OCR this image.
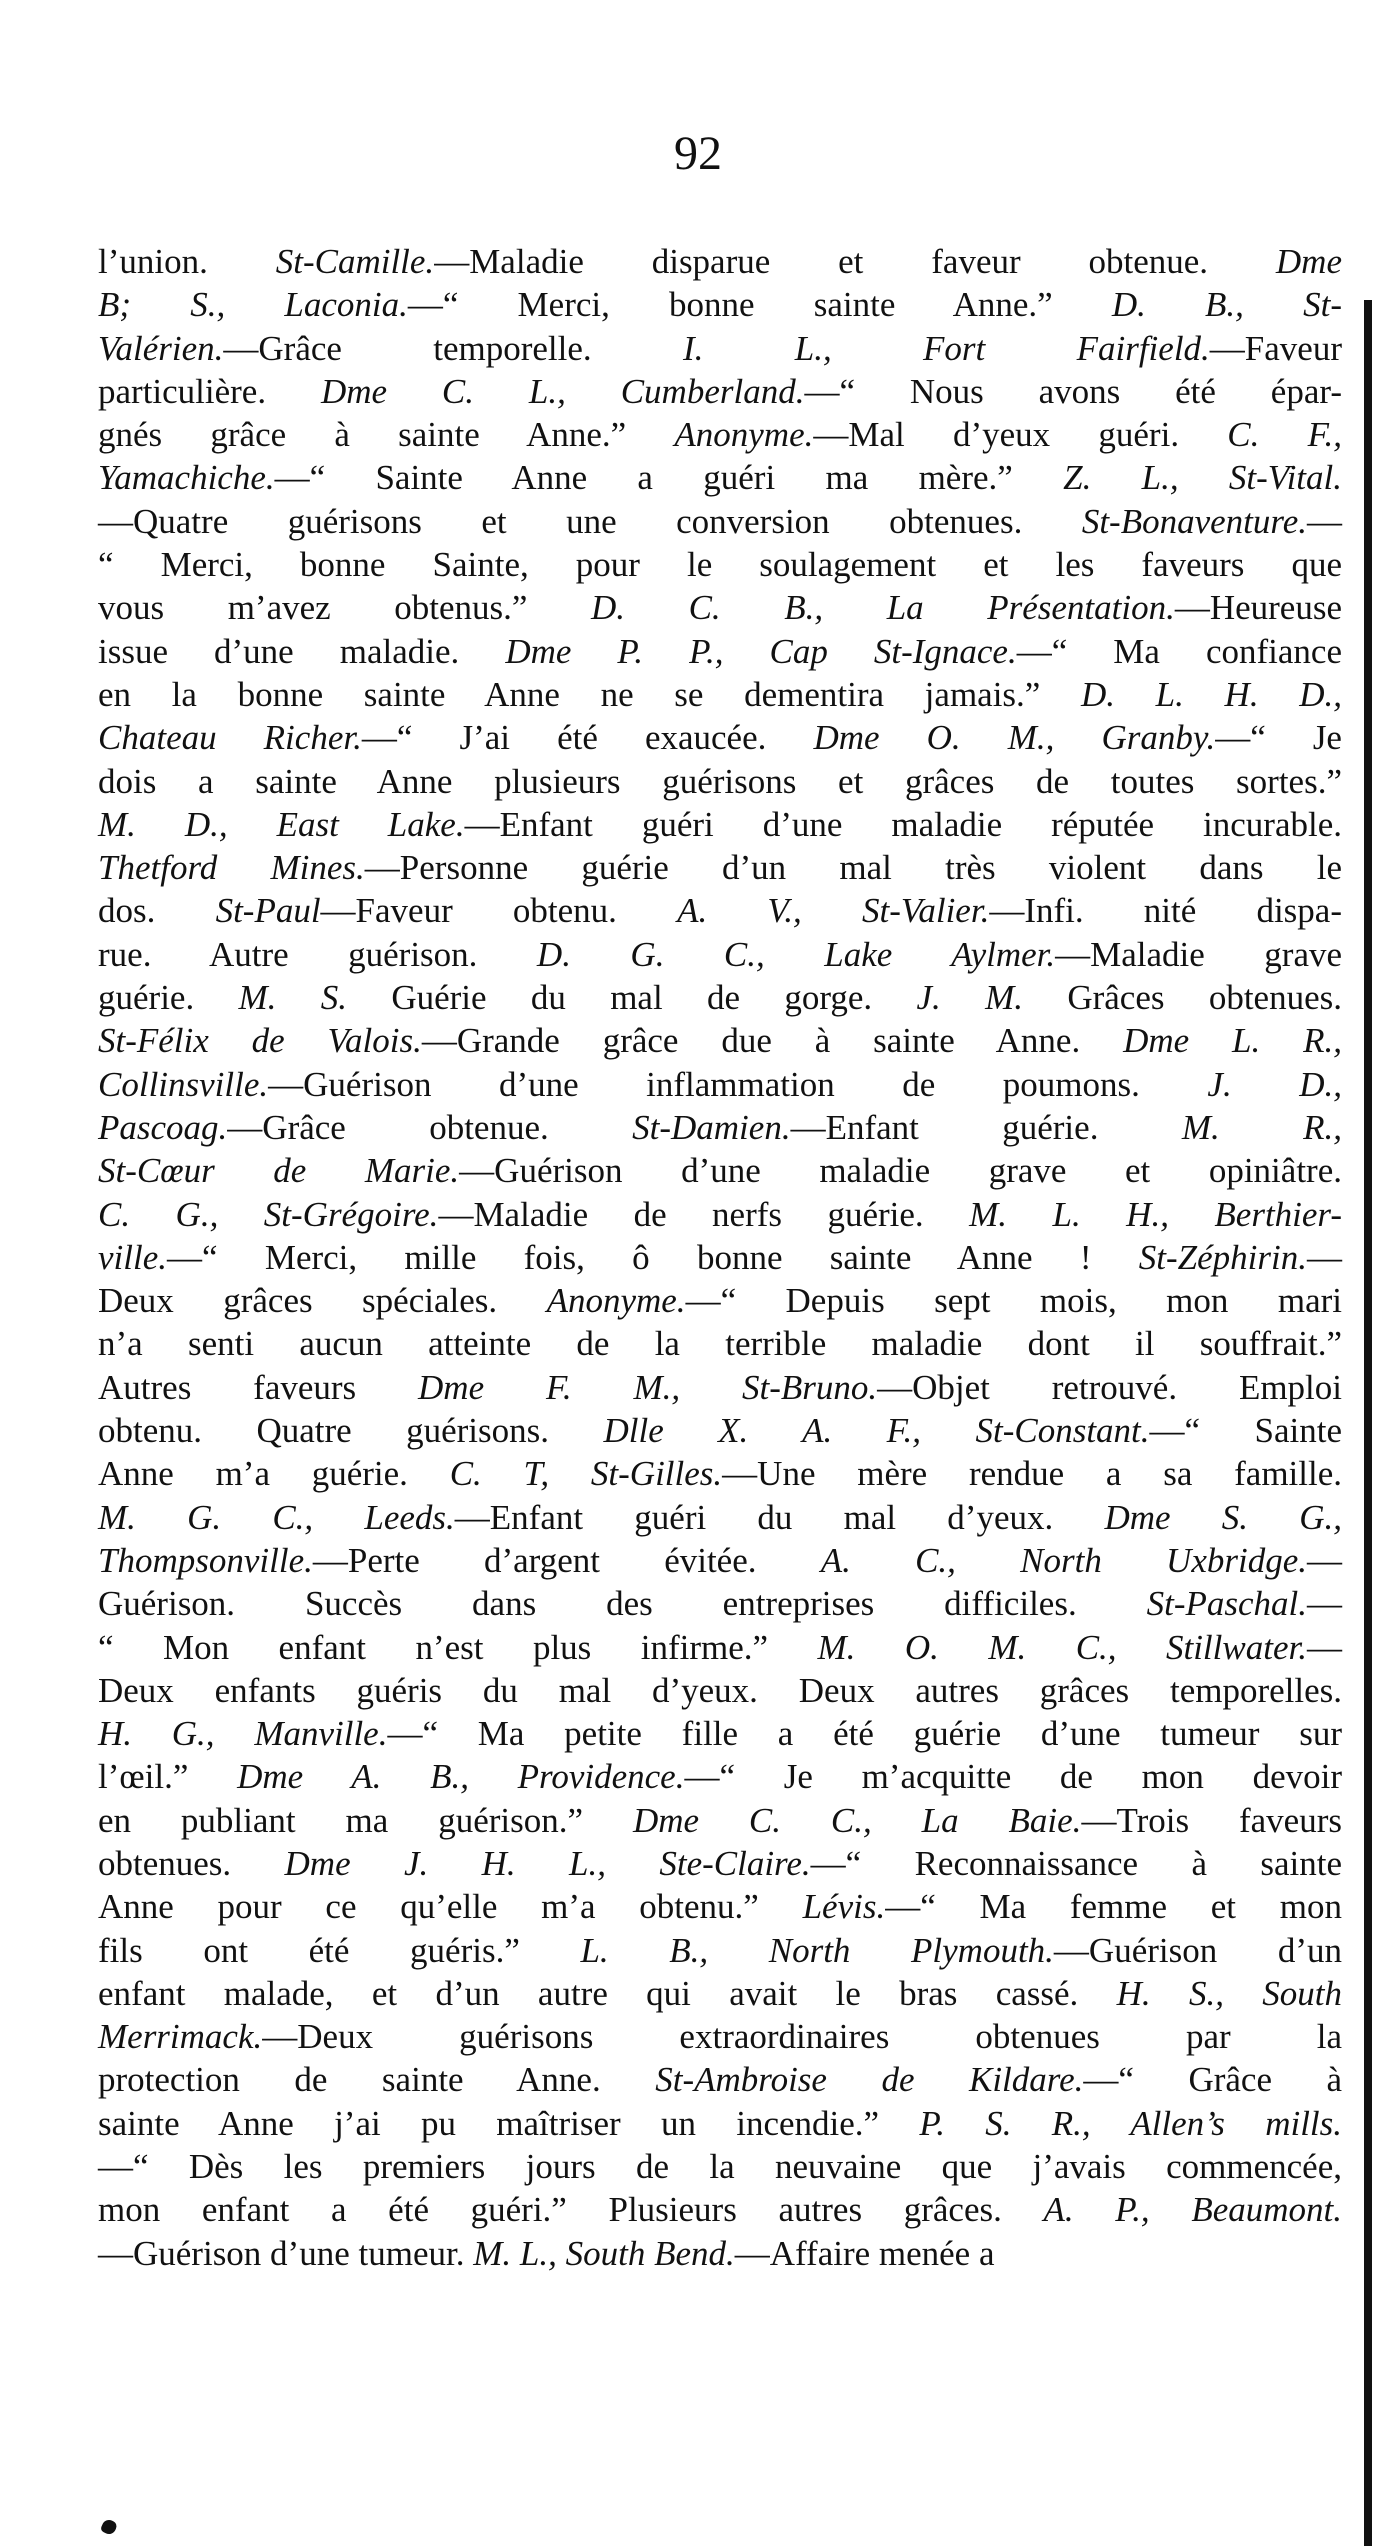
92
l’union. St-Camille.—Maladie disparue et faveur obtenue. Dme
B; S., Laconia.—“ Merci, bonne sainte Anne.” D. B., St-
Valérien.—Grâce temporelle. I. L., Fort Fairfield.—Faveur
particulière. Dme C. L., Cumberland.—“ Nous avons été épar-
gnés grâce à sainte Anne.” Anonyme.—Mal d’yeux guéri. C. F.,
Yamachiche.—“ Sainte Anne a guéri ma mère.” Z. L., St-Vital.
—Quatre guérisons et une conversion obtenues. St-Bonaventure.—
“ Merci, bonne Sainte, pour le soulagement et les faveurs que
vous m’avez obtenus.” D. C. B., La Présentation.—Heureuse
issue d’une maladie. Dme P. P., Cap St-Ignace.—“ Ma confiance
en la bonne sainte Anne ne se dementira jamais.” D. L. H. D.,
Chateau Richer.—“ J’ai été exaucée. Dme O. M., Granby.—“ Je
dois a sainte Anne plusieurs guérisons et grâces de toutes sortes.”
M. D., East Lake.—Enfant guéri d’une maladie réputée incurable.
Thetford Mines.—Personne guérie d’un mal très violent dans le
dos. St-Paul—Faveur obtenu. A. V., St-Valier.—Infi. nité dispa-
rue. Autre guérison. D. G. C., Lake Aylmer.—Maladie grave
guérie. M. S. Guérie du mal de gorge. J. M. Grâces obtenues.
St-Félix de Valois.—Grande grâce due à sainte Anne. Dme L. R.,
Collinsville.—Guérison d’une inflammation de poumons. J. D.,
Pascoag.—Grâce obtenue. St-Damien.—Enfant guérie. M. R.,
St-Cœur de Marie.—Guérison d’une maladie grave et opiniâtre.
C. G., St-Grégoire.—Maladie de nerfs guérie. M. L. H., Berthier-
ville.—“ Merci, mille fois, ô bonne sainte Anne ! St-Zéphirin.—
Deux grâces spéciales. Anonyme.—“ Depuis sept mois, mon mari
n’a senti aucun atteinte de la terrible maladie dont il souffrait.”
Autres faveurs Dme F. M., St-Bruno.—Objet retrouvé. Emploi
obtenu. Quatre guérisons. Dlle X. A. F., St-Constant.—“ Sainte
Anne m’a guérie. C. T, St-Gilles.—Une mère rendue a sa famille.
M. G. C., Leeds.—Enfant guéri du mal d’yeux. Dme S. G.,
Thompsonville.—Perte d’argent évitée. A. C., North Uxbridge.—
Guérison. Succès dans des entreprises difficiles. St-Paschal.—
“ Mon enfant n’est plus infirme.” M. O. M. C., Stillwater.—
Deux enfants guéris du mal d’yeux. Deux autres grâces temporelles.
H. G., Manville.—“ Ma petite fille a été guérie d’une tumeur sur
l’œil.” Dme A. B., Providence.—“ Je m’acquitte de mon devoir
en publiant ma guérison.” Dme C. C., La Baie.—Trois faveurs
obtenues. Dme J. H. L., Ste-Claire.—“ Reconnaissance à sainte
Anne pour ce qu’elle m’a obtenu.” Lévis.—“ Ma femme et mon
fils ont été guéris.” L. B., North Plymouth.—Guérison d’un
enfant malade, et d’un autre qui avait le bras cassé. H. S., South
Merrimack.—Deux guérisons extraordinaires obtenues par la
protection de sainte Anne. St-Ambroise de Kildare.—“ Grâce à
sainte Anne j’ai pu maîtriser un incendie.” P. S. R., Allen’s mills.
—“ Dès les premiers jours de la neuvaine que j’avais commencée,
mon enfant a été guéri.” Plusieurs autres grâces. A. P., Beaumont.
—Guérison d’une tumeur. M. L., South Bend.—Affaire menée a
